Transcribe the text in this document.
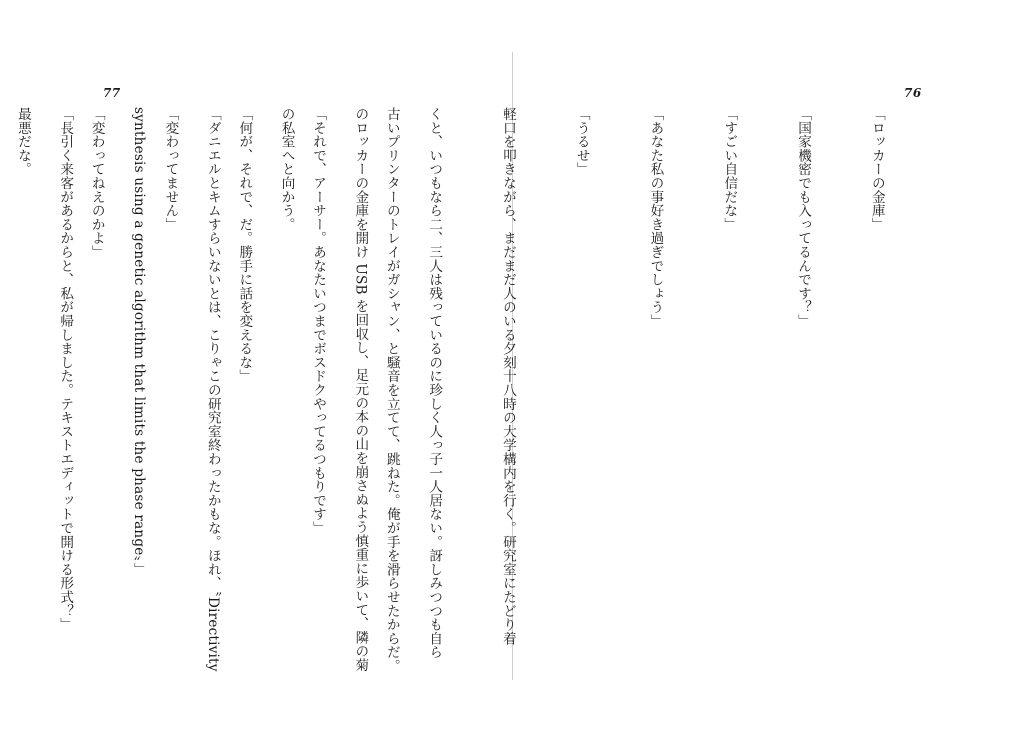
77	76

「ロッカーの金庫」

「国家機密でも入ってるんです？」

「すごい自信だな」

「あなた私の事好き過ぎでしょう」

「うるせ」

軽口を叩きながら、まだまだ人のいる夕刻十八時の大学構内を行く。研究室にたどり着

くと、いつもなら二、三人は残っているのに珍しく人っ子一人居ない。訝しみつつも自ら

のロッカーの金庫を開け USB を回収し、足元の本の山を崩さぬよう慎重に歩いて、隣の菊

の私室へと向かう。

「ダニエルとキムすらいないとは、こりゃこの研究室終わったかもな。ほれ、〝Directivity

synthesis using a genetic algorithm that limits the phase range〟」

「長引く来客があるからと、私が帰しました。テキストエディットで開ける形式？」

	古いプリンターのトレイがガシャン、と騒音を立てて、跳ねた。俺が手を滑らせたからだ。

「それで、アーサー。あなたいつまでボスドクやってるつもりです」

「何が、それで、だ。勝手に話を変えるな」

「変わってません」

「変わってねえのかよ」

最悪だな。
